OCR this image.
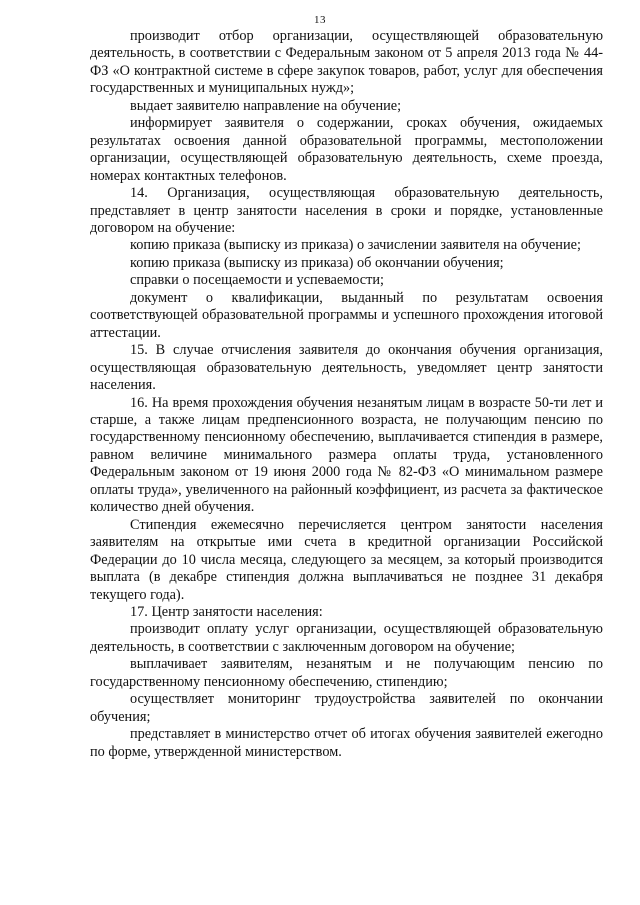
13

производит отбор организации, осуществляющей образовательную деятельность, в соответствии с Федеральным законом от 5 апреля 2013 года № 44-ФЗ «О контрактной системе в сфере закупок товаров, работ, услуг для обеспечения государственных и муниципальных нужд»;

выдает заявителю направление на обучение;

информирует заявителя о содержании, сроках обучения, ожидаемых результатах освоения данной образовательной программы, местоположении организации, осуществляющей образовательную деятельность, схеме проезда, номерах контактных телефонов.

14. Организация, осуществляющая образовательную деятельность, представляет в центр занятости населения в сроки и порядке, установленные договором на обучение:

копию приказа (выписку из приказа) о зачислении заявителя на обучение;

копию приказа (выписку из приказа) об окончании обучения;

справки о посещаемости и успеваемости;

документ о квалификации, выданный по результатам освоения соответствующей образовательной программы и успешного прохождения итоговой аттестации.

15. В случае отчисления заявителя до окончания обучения организация, осуществляющая образовательную деятельность, уведомляет центр занятости населения.

16. На время прохождения обучения незанятым лицам в возрасте 50-ти лет и старше, а также лицам предпенсионного возраста, не получающим пенсию по государственному пенсионному обеспечению, выплачивается стипендия в размере, равном величине минимального размера оплаты труда, установленного Федеральным законом от 19 июня 2000 года № 82-ФЗ «О минимальном размере оплаты труда», увеличенного на районный коэффициент, из расчета за фактическое количество дней обучения.

Стипендия ежемесячно перечисляется центром занятости населения заявителям на открытые ими счета в кредитной организации Российской Федерации до 10 числа месяца, следующего за месяцем, за который производится выплата (в декабре стипендия должна выплачиваться не позднее 31 декабря текущего года).

17. Центр занятости населения:

производит оплату услуг организации, осуществляющей образовательную деятельность, в соответствии с заключенным договором на обучение;

выплачивает заявителям, незанятым и не получающим пенсию по государственному пенсионному обеспечению, стипендию;

осуществляет мониторинг трудоустройства заявителей по окончании обучения;

представляет в министерство отчет об итогах обучения заявителей ежегодно по форме, утвержденной министерством.
